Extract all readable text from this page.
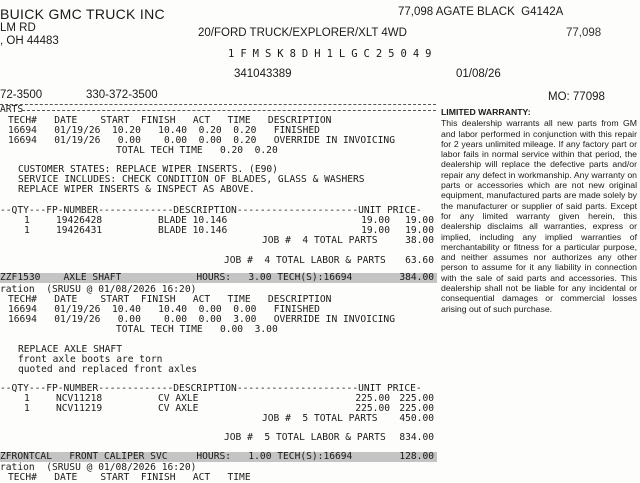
BUICK GMC TRUCK INC
LM RD
, OH 44483
20/FORD TRUCK/EXPLORER/XLT 4WD
77,098 AGATE BLACK  G4142A
77,098
1FMSK8DH1LGC25049
341043389	01/08/26
72-3500	330-372-3500	MO: 77098
ARTS
TECH#   DATE    START  FINISH   ACT   TIME   DESCRIPTION
16694   01/19/26  10.20   10.40  0.20  0.20   FINISHED
16694   01/19/26   0.00    0.00  0.00  0.20   OVERRIDE IN INVOICING
TOTAL TECH TIME   0.20  0.20
CUSTOMER STATES: REPLACE WIPER INSERTS. (E90)
SERVICE INCLUDES: CHECK CONDITION OF BLADES, GLASS & WASHERS
REPLACE WIPER INSERTS & INSPECT AS ABOVE.
--QTY---FP-NUMBER-------------DESCRIPTION---------------------UNIT PRICE-
1	19426428	BLADE 10.146	19.00	19.00
1	19426431	BLADE 10.146	19.00	19.00
JOB #  4 TOTAL PARTS	38.00
JOB #  4 TOTAL LABOR & PARTS	63.60
ZZF1530    AXLE SHAFT             HOURS:   3.00 TECH(S):16694	384.00
ration  (SRUSU @ 01/08/2026 16:20)
TECH#   DATE    START  FINISH   ACT   TIME   DESCRIPTION
16694   01/19/26  10.40   10.40  0.00  0.00   FINISHED
16694   01/19/26   0.00    0.00  0.00  3.00   OVERRIDE IN INVOICING
TOTAL TECH TIME   0.00  3.00
REPLACE AXLE SHAFT
front axle boots are torn
quoted and replaced front axles
--QTY---FP-NUMBER-------------DESCRIPTION---------------------UNIT PRICE-
1	NCV11218	CV AXLE	225.00 225.00
1	NCV11219	CV AXLE	225.00 225.00
JOB #  5 TOTAL PARTS	450.00
JOB #  5 TOTAL LABOR & PARTS	834.00
ZFRONTCAL   FRONT CALIPER SVC     HOURS:   1.00 TECH(S):16694	128.00
ration  (SRUSU @ 01/08/2026 16:20)
TECH#   DATE    START  FINISH   ACT   TIME
LIMITED WARRANTY:
This dealership warrants all new parts from GM and labor performed in conjunction with this repair for 2 years unlimited mileage. If any factory part or labor fails in normal service within that period, the dealership will replace the defective parts and/or repair any defect in workmanship. Any warranty on parts or accessories which are not new original equipment, manufactured parts are made solely by the manufacturer or supplier of said parts. Except for any limited warranty given herein, this dealership disclaims all warranties, express or implied, including any implied warranties of merchantability or fitness for a particular purpose, and neither assumes nor authorizes any other person to assume for it any liability in connection with the sale of said parts and accessories. This dealership shall not be liable for any incidental or consequential damages or commercial losses arising out of such purchase.
